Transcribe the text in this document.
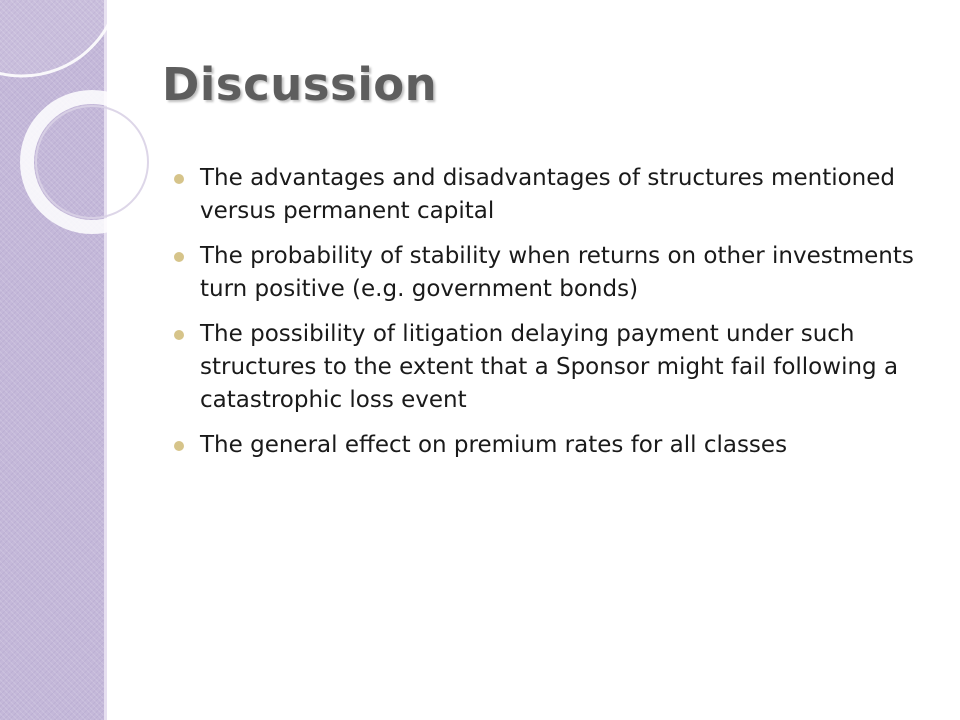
Discussion
The advantages and disadvantages of structures mentioned versus permanent capital
The probability of stability when returns on other investments turn positive (e.g. government bonds)
The possibility of litigation delaying payment under such structures to the extent that a Sponsor might fail following a catastrophic loss event
The general effect on premium rates for all classes
